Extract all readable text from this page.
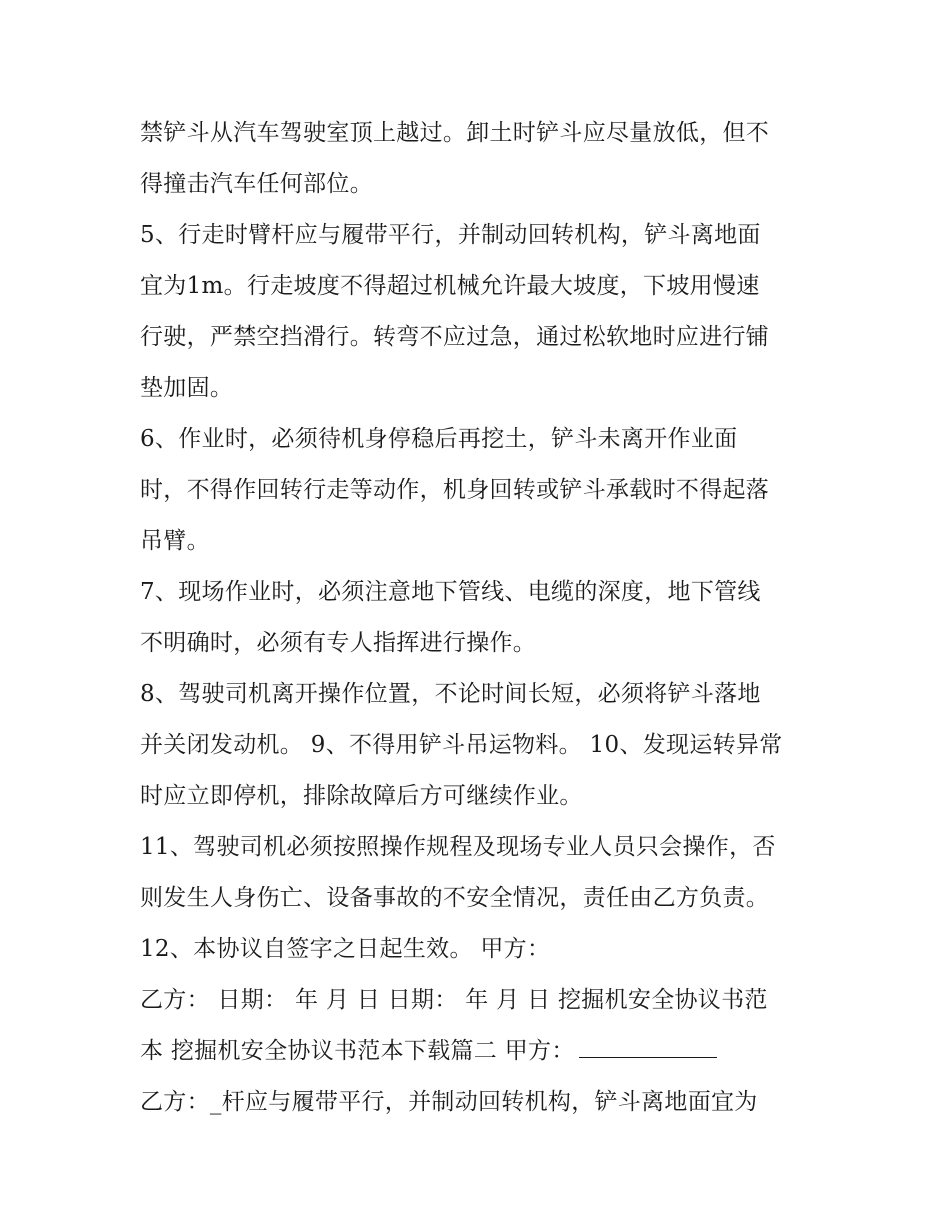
禁铲斗从汽车驾驶室顶上越过。卸土时铲斗应尽量放低，但不
得撞击汽车任何部位。
5、行走时臂杆应与履带平行，并制动回转机构，铲斗离地面
宜为1m。行走坡度不得超过机械允许最大坡度，下坡用慢速
行驶，严禁空挡滑行。转弯不应过急，通过松软地时应进行铺
垫加固。
6、作业时，必须待机身停稳后再挖土，铲斗未离开作业面
时，不得作回转行走等动作，机身回转或铲斗承载时不得起落
吊臂。
7、现场作业时，必须注意地下管线、电缆的深度，地下管线
不明确时，必须有专人指挥进行操作。
8、驾驶司机离开操作位置，不论时间长短，必须将铲斗落地
并关闭发动机。 9、不得用铲斗吊运物料。 10、发现运转异常
时应立即停机，排除故障后方可继续作业。
11、驾驶司机必须按照操作规程及现场专业人员只会操作，否
则发生人身伤亡、设备事故的不安全情况，责任由乙方负责。
12、本协议自签字之日起生效。 甲方：
乙方： 日期： 年 月 日 日期： 年 月 日 挖掘机安全协议书范
本 挖掘机安全协议书范本下载篇二 甲方：
乙方：_杆应与履带平行，并制动回转机构，铲斗离地面宜为
